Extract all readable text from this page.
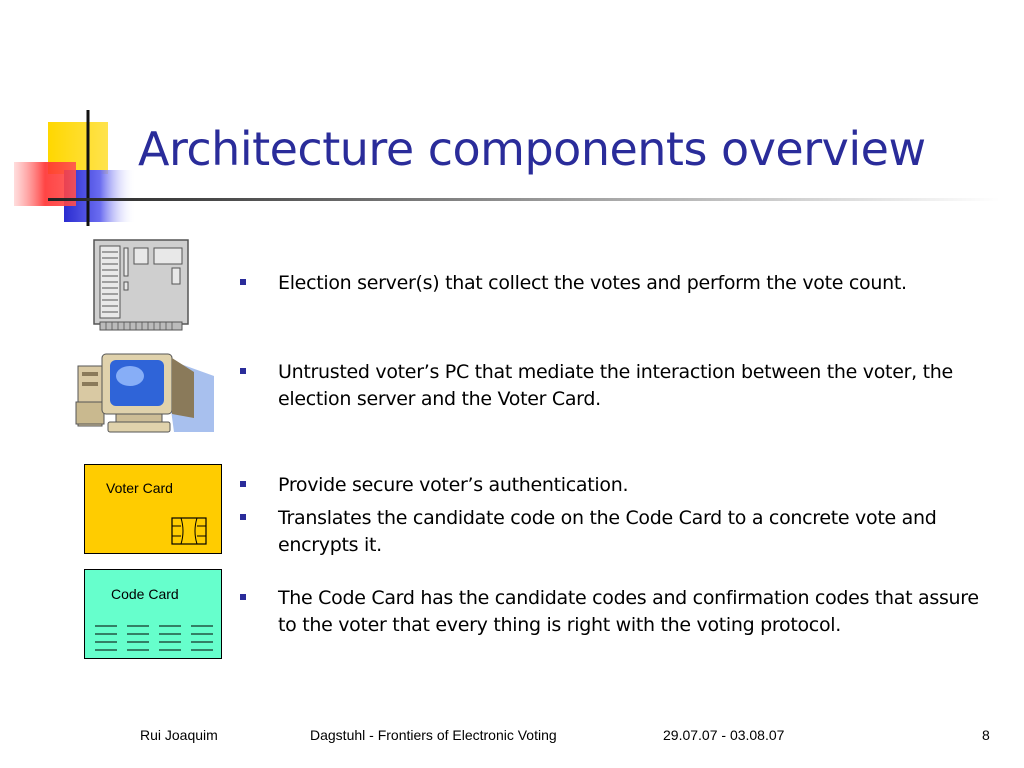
Architecture components overview
Voter Card
Code Card
Election server(s) that collect the votes and perform the vote count.
Untrusted voter’s PC that mediate the interaction between the voter, the election server and the Voter Card.
Provide secure voter’s authentication.
Translates the candidate code on the Code Card to a concrete vote and encrypts it.
The Code Card has the candidate codes and confirmation codes that assure to the voter that every thing is right with the voting protocol.
Rui Joaquim	Dagstuhl - Frontiers of Electronic Voting	29.07.07 - 03.08.07	8
